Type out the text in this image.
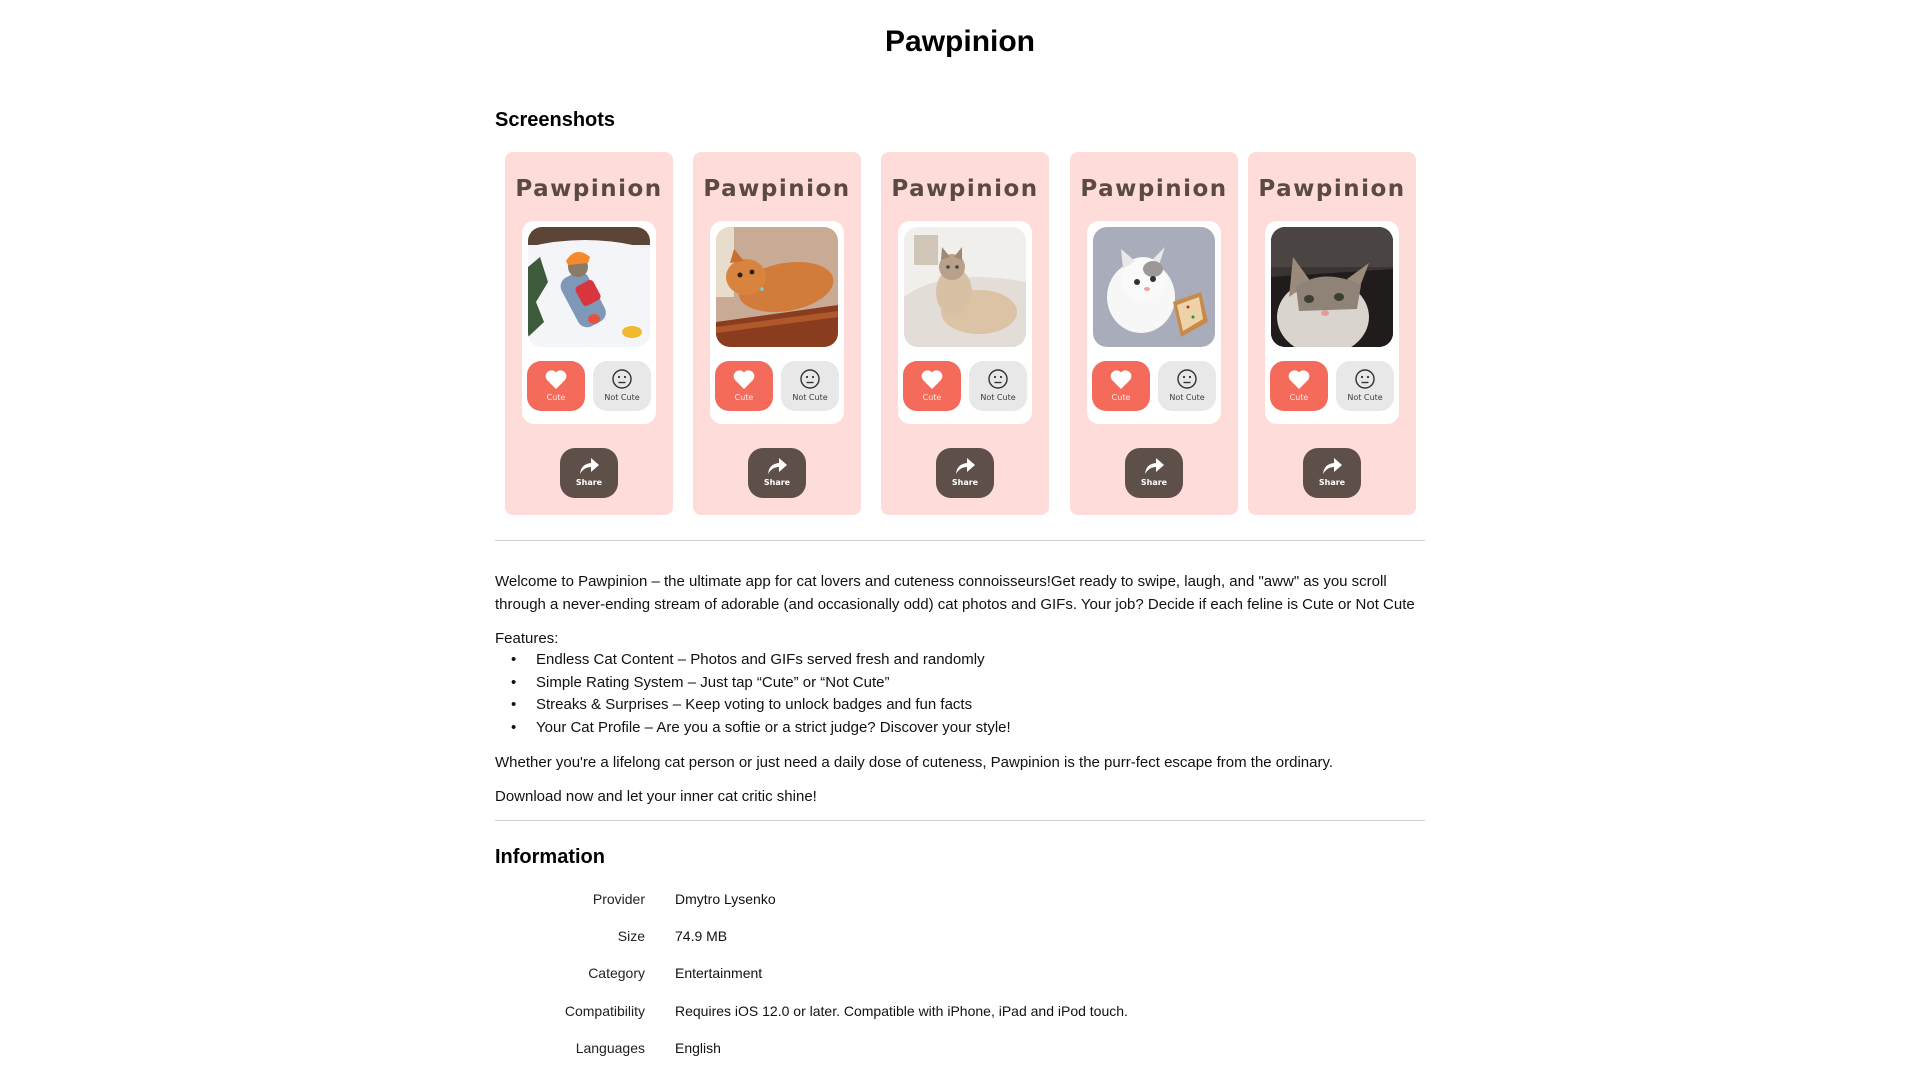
Pawpinion
Screenshots
Pawpinion
Cute	Not Cute
Share
Pawpinion
Cute	Not Cute
Share
Pawpinion
Cute	Not Cute
Share
Pawpinion
Cute	Not Cute
Share
Pawpinion
Cute	Not Cute
Share

Welcome to Pawpinion – the ultimate app for cat lovers and cuteness connoisseurs!Get ready to swipe, laugh, and "aww" as you scroll through a never-ending stream of adorable (and occasionally odd) cat photos and GIFs. Your job? Decide if each feline is Cute or Not Cute

Features:

• Endless Cat Content – Photos and GIFs served fresh and randomly
• Simple Rating System – Just tap “Cute” or “Not Cute”
• Streaks & Surprises – Keep voting to unlock badges and fun facts
• Your Cat Profile – Are you a softie or a strict judge? Discover your style!

Whether you're a lifelong cat person or just need a daily dose of cuteness, Pawpinion is the purr-fect escape from the ordinary.

Download now and let your inner cat critic shine!

Information
Provider Dmytro Lysenko
Size 74.9 MB
Category Entertainment
Compatibility Requires iOS 12.0 or later. Compatible with iPhone, iPad and iPod touch.
Languages English
